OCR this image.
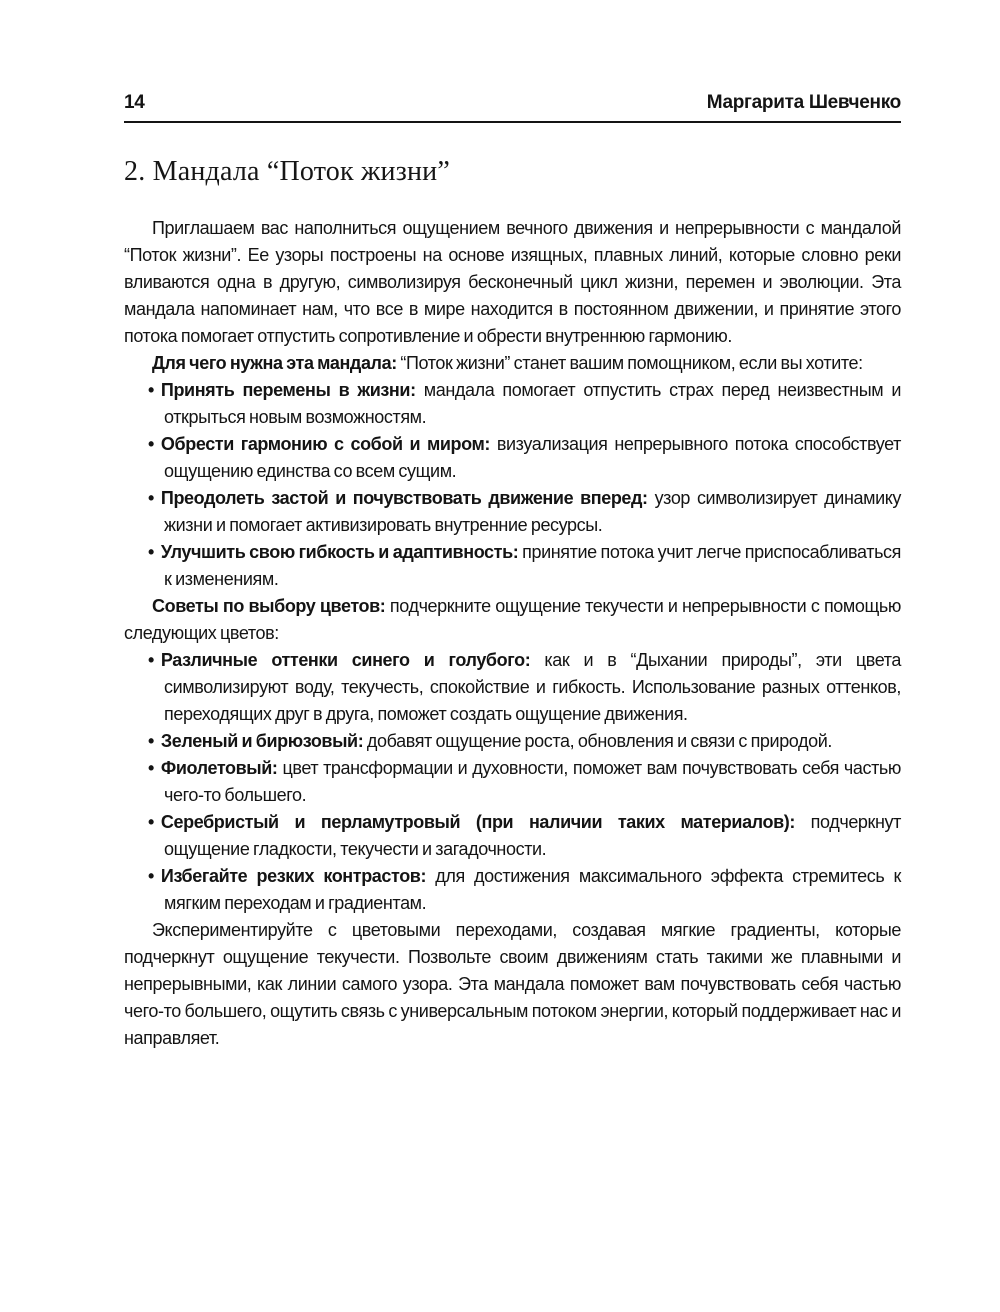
14	Маргарита Шевченко
2. Мандала “Поток жизни”

Приглашаем вас наполниться ощущением вечного движения и непрерывности с мандалой “Поток жизни”. Ее узоры построены на основе изящных, плавных линий, которые словно реки вливаются одна в другую, символизируя бесконечный цикл жизни, перемен и эволюции. Эта мандала напоминает нам, что все в мире находится в постоянном движении, и принятие этого потока помогает отпустить сопротивление и обрести внутреннюю гармонию.

Для чего нужна эта мандала: “Поток жизни” станет вашим помощником, если вы хотите:

• Принять перемены в жизни: мандала помогает отпустить страх перед неизвестным и открыться новым возможностям.
• Обрести гармонию с собой и миром: визуализация непрерывного потока способствует ощущению единства со всем сущим.
• Преодолеть застой и почувствовать движение вперед: узор символизирует динамику жизни и помогает активизировать внутренние ресурсы.
• Улучшить свою гибкость и адаптивность: принятие потока учит легче приспосабливаться к изменениям.

Советы по выбору цветов: подчеркните ощущение текучести и непрерывности с помощью следующих цветов:

• Различные оттенки синего и голубого: как и в “Дыхании природы”, эти цвета символизируют воду, текучесть, спокойствие и гибкость. Использование разных оттенков, переходящих друг в друга, поможет создать ощущение движения.
• Зеленый и бирюзовый: добавят ощущение роста, обновления и связи с природой.
• Фиолетовый: цвет трансформации и духовности, поможет вам почувствовать себя частью чего-то большего.
• Серебристый и перламутровый (при наличии таких материалов): подчеркнут ощущение гладкости, текучести и загадочности.
• Избегайте резких контрастов: для достижения максимального эффекта стремитесь к мягким переходам и градиентам.

Экспериментируйте с цветовыми переходами, создавая мягкие градиенты, которые подчеркнут ощущение текучести. Позвольте своим движениям стать такими же плавными и непрерывными, как линии самого узора. Эта мандала поможет вам почувствовать себя частью чего-то большего, ощутить связь с универсальным потоком энергии, который поддерживает нас и направляет.
